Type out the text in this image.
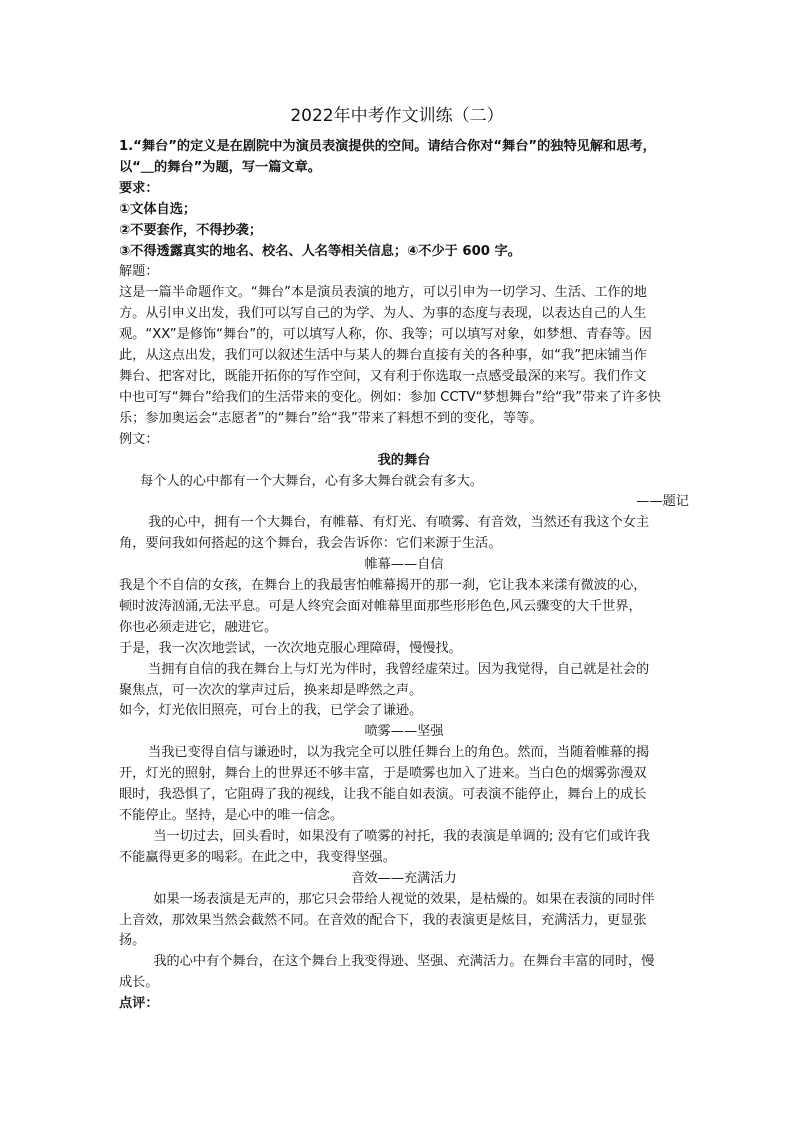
2022年中考作文训练（二）

1.“舞台”的定义是在剧院中为演员表演提供的空间。请结合你对“舞台”的独特见解和思考，

以“＿的舞台”为题，写一篇文章。

要求：

①文体自选；

②不要套作，不得抄袭；

③不得透露真实的地名、校名、人名等相关信息；④不少于 600 字。

解题：

这是一篇半命题作文。“舞台”本是演员表演的地方，可以引申为一切学习、生活、工作的地

方。从引申义出发，我们可以写自己的为学、为人、为事的态度与表现，以表达自己的人生

观。“XX”是修饰“舞台”的，可以填写人称，你、我等；可以填写对象，如梦想、青春等。因

此，从这点出发，我们可以叙述生活中与某人的舞台直接有关的各种事，如“我”把床铺当作

舞台、把客对比，既能开拓你的写作空间，又有利于你选取一点感受最深的来写。我们作文

中也可写“舞台”给我们的生活带来的变化。例如：参加 CCTV“梦想舞台”给“我”带来了许多快

乐；参加奥运会“志愿者”的“舞台”给“我”带来了料想不到的变化，等等。

例文：

我的舞台

每个人的心中都有一个大舞台，心有多大舞台就会有多大。

——题记

我的心中，拥有一个大舞台，有帷幕、有灯光、有喷雾、有音效，当然还有我这个女主

角，要问我如何搭起的这个舞台，我会告诉你：它们来源于生活。

帷幕——自信

我是个不自信的女孩，在舞台上的我最害怕帷幕揭开的那一刹，它让我本来漾有微波的心，

顿时波涛汹涌,无法平息。可是人终究会面对帷幕里面那些形形色色,风云骤变的大千世界，

你也必须走进它，融进它。

于是，我一次次地尝试，一次次地克服心理障碍，慢慢找。

当拥有自信的我在舞台上与灯光为伴时，我曾经虚荣过。因为我觉得，自己就是社会的

聚焦点，可一次次的掌声过后，换来却是哗然之声。

如今，灯光依旧照亮，可台上的我，已学会了谦逊。

喷雾——坚强

当我已变得自信与谦逊时，以为我完全可以胜任舞台上的角色。然而，当随着帷幕的揭

开，灯光的照射，舞台上的世界还不够丰富，于是喷雾也加入了进来。当白色的烟雾弥漫双

眼时，我恐惧了，它阻碍了我的视线，让我不能自如表演。可表演不能停止，舞台上的成长

不能停止。坚持，是心中的唯一信念。

当一切过去，回头看时，如果没有了喷雾的衬托，我的表演是单调的; 没有它们或许我

不能赢得更多的喝彩。在此之中，我变得坚强。

音效——充满活力

如果一场表演是无声的，那它只会带给人视觉的效果，是枯燥的。如果在表演的同时伴

上音效，那效果当然会截然不同。在音效的配合下，我的表演更是炫目，充满活力，更显张

扬。

我的心中有个舞台，在这个舞台上我变得逊、坚强、充满活力。在舞台丰富的同时，慢

成长。

点评：
